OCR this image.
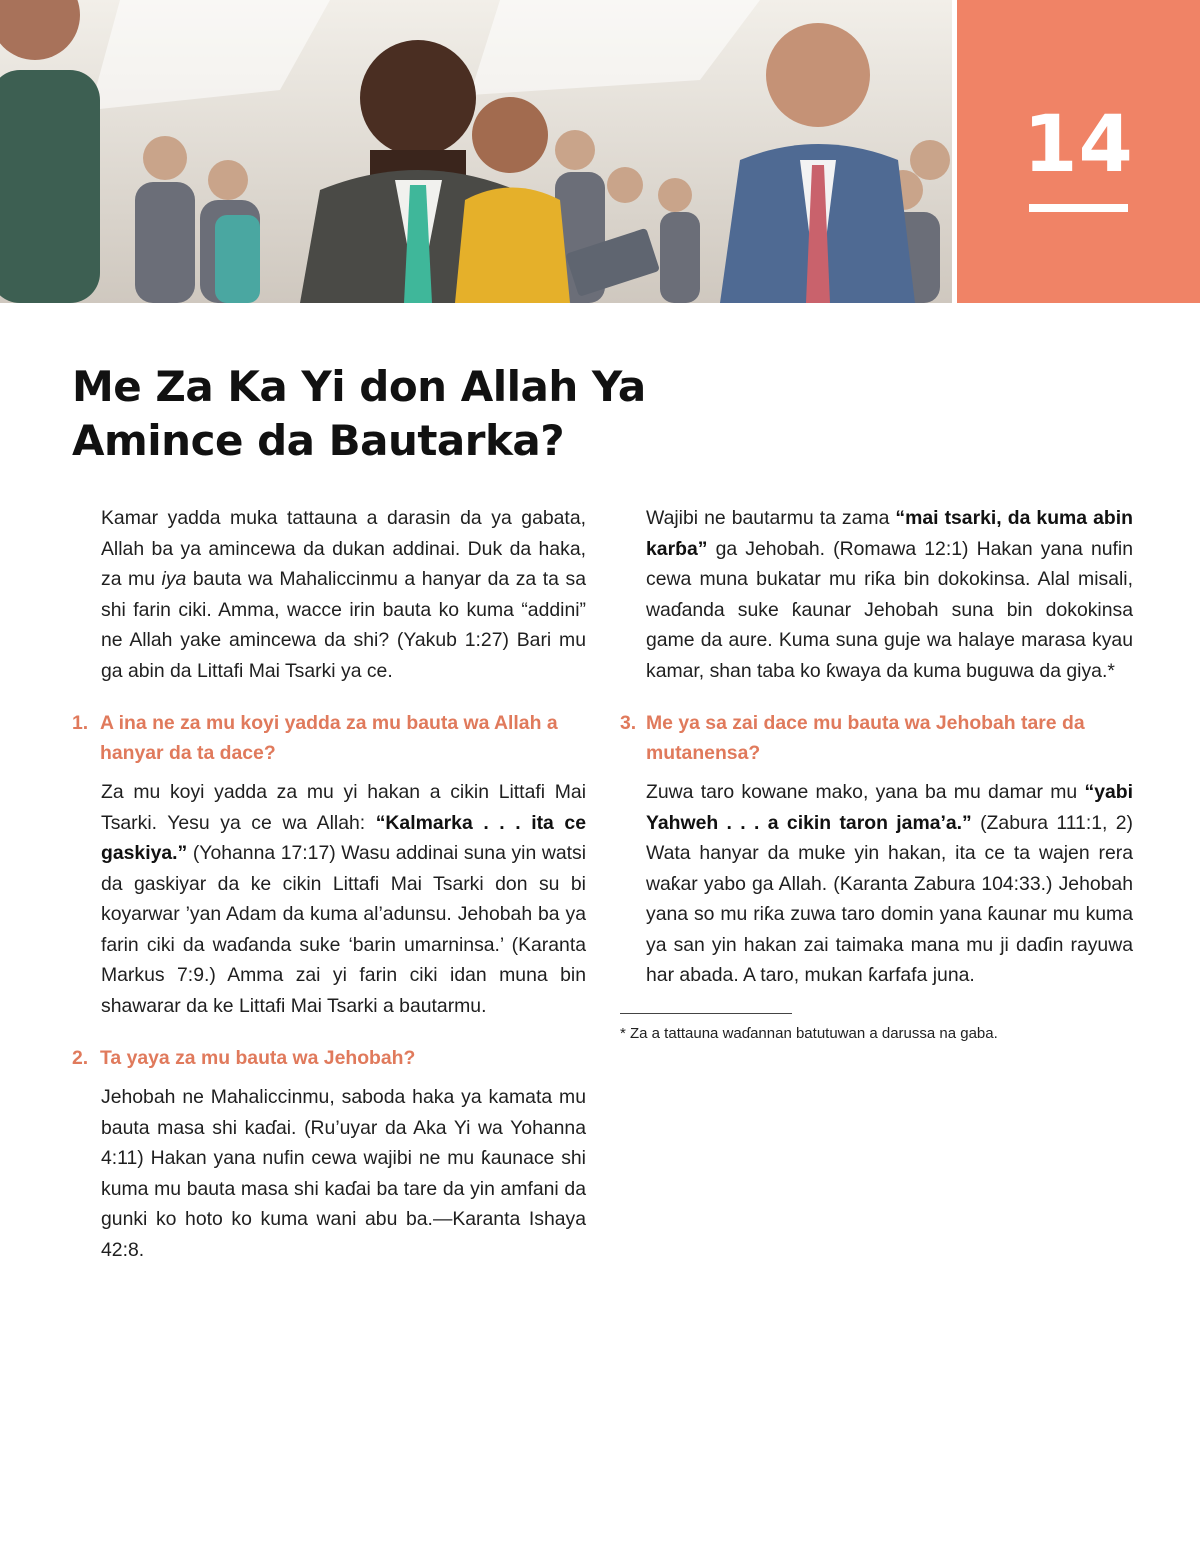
14
Me Za Ka Yi don Allah Ya
Amince da Bautarka?

Kamar yadda muka tattauna a darasin da ya gabata, Allah ba ya amincewa da dukan addinai. Duk da haka, za mu iya bauta wa Mahaliccinmu a hanyar da za ta sa shi farin ciki. Amma, wacce irin bauta ko kuma “addini” ne Allah yake amincewa da shi? (Yakub 1:27) Bari mu ga abin da Littafi Mai Tsarki ya ce.

1. A ina ne za mu koyi yadda za mu bauta wa Allah a hanyar da ta dace?

Za mu koyi yadda za mu yi hakan a cikin Littafi Mai Tsarki. Yesu ya ce wa Allah: “Kalmarka . . . ita ce gaskiya.” (Yohanna 17:17) Wasu addinai suna yin watsi da gaskiyar da ke cikin Littafi Mai Tsarki don su bi koyarwar ’yan Adam da kuma al’adunsu. Jehobah ba ya farin ciki da waɗanda suke ‘barin umarninsa.’ (Karanta Markus 7:9.) Amma zai yi farin ciki idan muna bin shawarar da ke Littafi Mai Tsarki a bautarmu.

2. Ta yaya za mu bauta wa Jehobah?

Jehobah ne Mahaliccinmu, saboda haka ya kamata mu bauta masa shi kaɗai. (Ru’uyar da Aka Yi wa Yohanna 4:11) Hakan yana nufin cewa wajibi ne mu ƙaunace shi kuma mu bauta masa shi kaɗai ba tare da yin amfani da gunki ko hoto ko kuma wani abu ba.—Karanta Ishaya 42:8.

Wajibi ne bautarmu ta zama “mai tsarki, da kuma abin karɓa” ga Jehobah. (Romawa 12:1) Hakan yana nufin cewa muna bukatar mu riƙa bin dokokinsa. Alal misali, waɗanda suke ƙaunar Jehobah suna bin dokokinsa game da aure. Kuma suna guje wa halaye marasa kyau kamar, shan taba ko ƙwaya da kuma buguwa da giya.*

3. Me ya sa zai dace mu bauta wa Jehobah tare da mutanensa?

Zuwa taro kowane mako, yana ba mu damar mu “yabi Yahweh . . . a cikin taron jama’a.” (Zabura 111:1, 2) Wata hanyar da muke yin hakan, ita ce ta wajen rera waƙar yabo ga Allah. (Karanta Zabura 104:33.) Jehobah yana so mu riƙa zuwa taro domin yana ƙaunar mu kuma ya san yin hakan zai taimaka mana mu ji daɗin rayuwa har abada. A taro, mukan ƙarfafa juna.

* Za a tattauna waɗannan batutuwan a darussa na gaba.
